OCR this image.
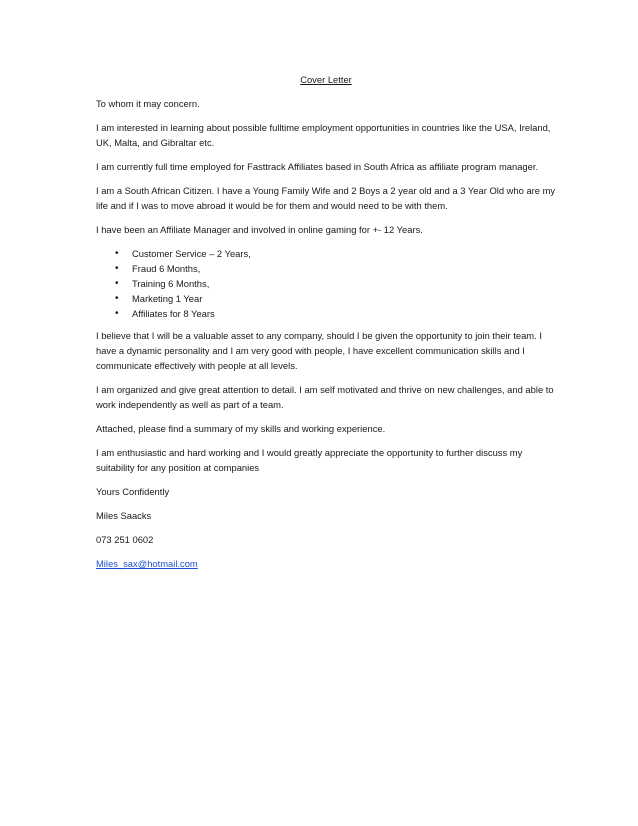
Cover Letter

To whom it may concern.

I am interested in learning about possible fulltime employment opportunities in countries like the USA, Ireland, UK, Malta, and Gibraltar etc.

I am currently full time employed for Fasttrack Affiliates based in South Africa as affiliate program manager.

I am a South African Citizen. I have a Young Family Wife and 2 Boys a 2 year old and a 3 Year Old who are my life and if I was to move abroad it would be for them and would need to be with them.

I have been an Affiliate Manager and involved in online gaming for +- 12 Years.

• Customer Service – 2 Years,
• Fraud 6 Months,
• Training 6 Months,
• Marketing 1 Year
• Affiliates for 8 Years

I believe that I will be a valuable asset to any company, should I be given the opportunity to join their team. I have a dynamic personality and I am very good with people, I have excellent communication skills and I communicate effectively with people at all levels.

I am organized and give great attention to detail. I am self motivated and thrive on new challenges, and able to work independently as well as part of a team.

Attached, please find a summary of my skills and working experience.

I am enthusiastic and hard working and I would greatly appreciate the opportunity to further discuss my suitability for any position at companies

Yours Confidently

Miles Saacks

073 251 0602

Miles_sax@hotmail.com
